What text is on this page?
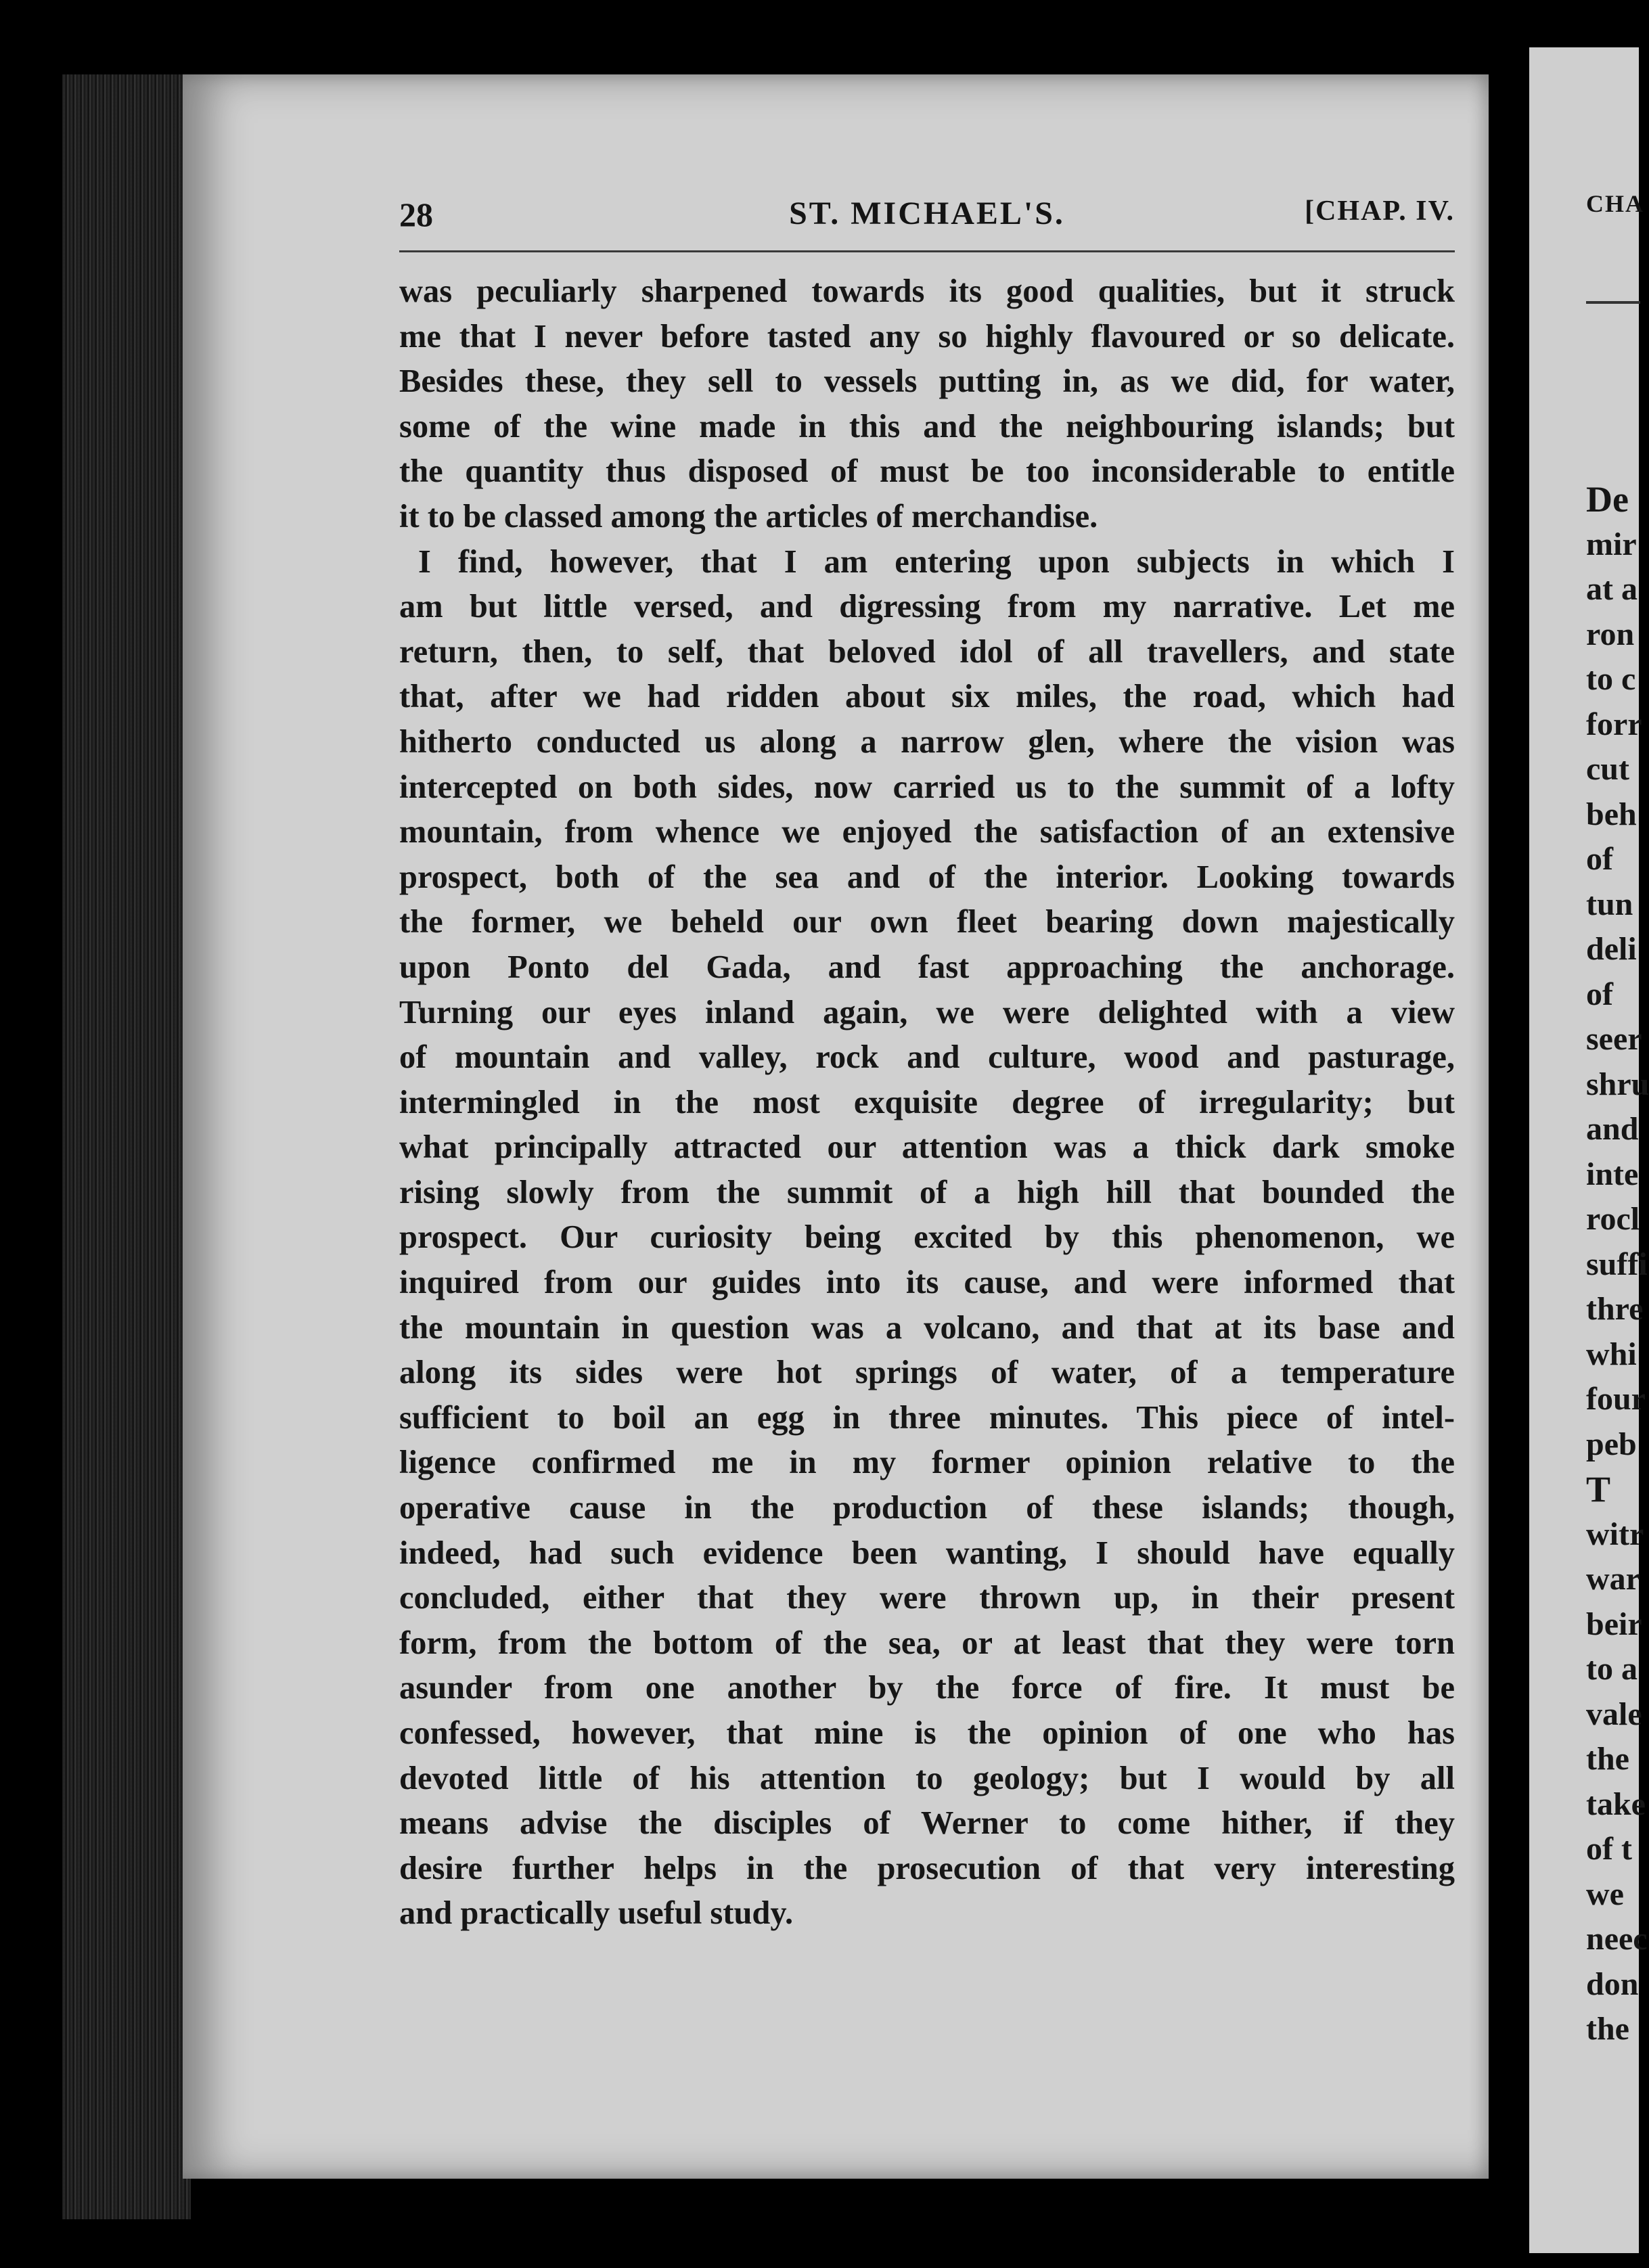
28	ST. MICHAEL'S.	[CHAP. IV.
was peculiarly sharpened towards its good qualities, but it struck
me that I never before tasted any so highly flavoured or so delicate.
Besides these, they sell to vessels putting in, as we did, for water,
some of the wine made in this and the neighbouring islands; but
the quantity thus disposed of must be too inconsiderable to entitle
it to be classed among the articles of merchandise.
I find, however, that I am entering upon subjects in which I
am but little versed, and digressing from my narrative. Let me
return, then, to self, that beloved idol of all travellers, and state
that, after we had ridden about six miles, the road, which had
hitherto conducted us along a narrow glen, where the vision was
intercepted on both sides, now carried us to the summit of a lofty
mountain, from whence we enjoyed the satisfaction of an extensive
prospect, both of the sea and of the interior. Looking towards
the former, we beheld our own fleet bearing down majestically
upon Ponto del Gada, and fast approaching the anchorage.
Turning our eyes inland again, we were delighted with a view
of mountain and valley, rock and culture, wood and pasturage,
intermingled in the most exquisite degree of irregularity; but
what principally attracted our attention was a thick dark smoke
rising slowly from the summit of a high hill that bounded the
prospect. Our curiosity being excited by this phenomenon, we
inquired from our guides into its cause, and were informed that
the mountain in question was a volcano, and that at its base and
along its sides were hot springs of water, of a temperature
sufficient to boil an egg in three minutes. This piece of intel-
ligence confirmed me in my former opinion relative to the
operative cause in the production of these islands; though,
indeed, had such evidence been wanting, I should have equally
concluded, either that they were thrown up, in their present
form, from the bottom of the sea, or at least that they were torn
asunder from one another by the force of fire. It must be
confessed, however, that mine is the opinion of one who has
devoted little of his attention to geology; but I would by all
means advise the disciples of Werner to come hither, if they
desire further helps in the prosecution of that very interesting
and practically useful study.
CHA
De
mir
at a
ron
to c
forr
cut
beh
of
tun
deli
of
seer
shru
and
inte
rocl
suffi
thre
whi
four
peb
T
witr
war
beir
to a
vale
the
take
of t
we
neec
don
the
